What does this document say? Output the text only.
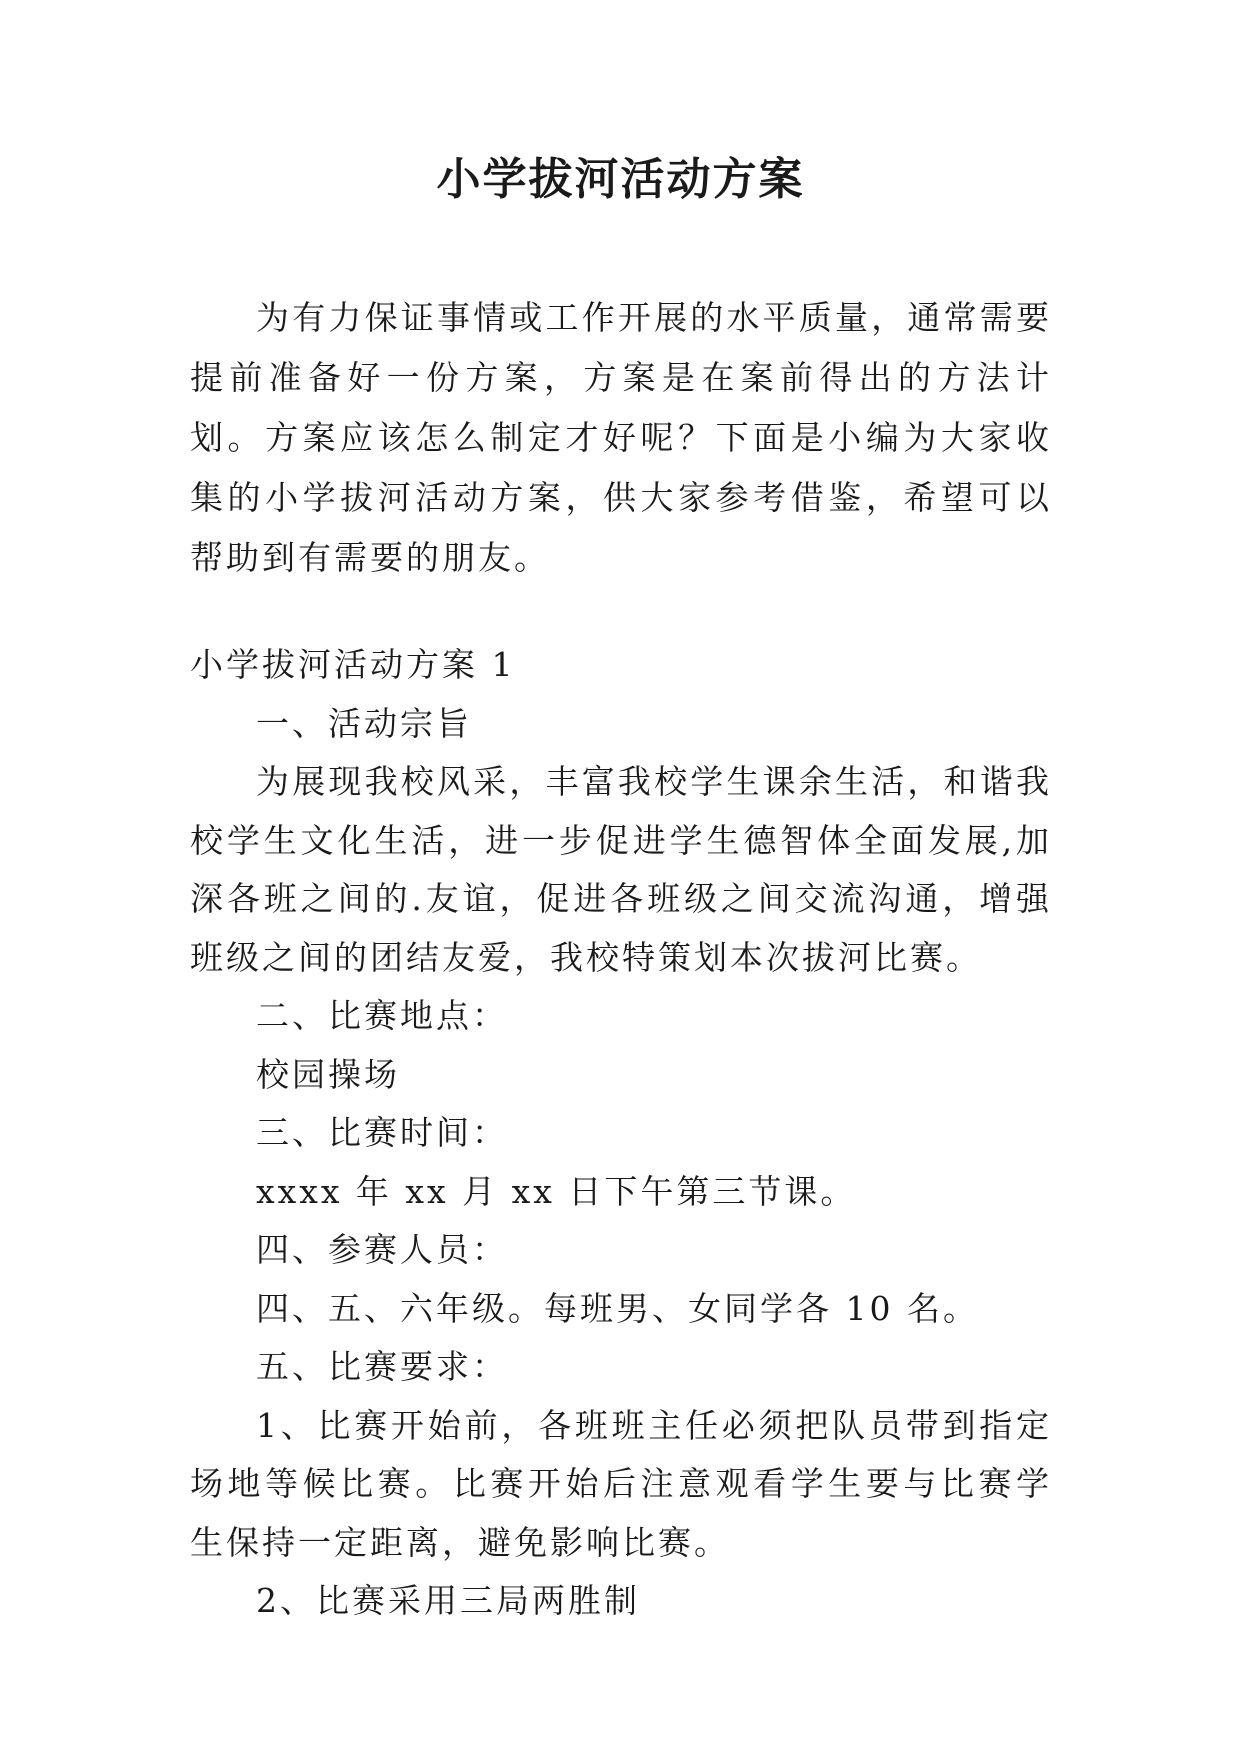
小学拔河活动方案

为有力保证事情或工作开展的水平质量，通常需要提前准备好一份方案，方案是在案前得出的方法计划。方案应该怎么制定才好呢？下面是小编为大家收集的小学拔河活动方案，供大家参考借鉴，希望可以帮助到有需要的朋友。

小学拔河活动方案 1

一、活动宗旨

为展现我校风采，丰富我校学生课余生活，和谐我校学生文化生活，进一步促进学生德智体全面发展,加深各班之间的.友谊，促进各班级之间交流沟通，增强班级之间的团结友爱，我校特策划本次拔河比赛。

二、比赛地点：

校园操场

三、比赛时间：

xxxx 年 xx 月 xx 日下午第三节课。

四、参赛人员：

四、五、六年级。每班男、女同学各 10 名。

五、比赛要求：

1、比赛开始前，各班班主任必须把队员带到指定场地等候比赛。比赛开始后注意观看学生要与比赛学生保持一定距离，避免影响比赛。

2、比赛采用三局两胜制
